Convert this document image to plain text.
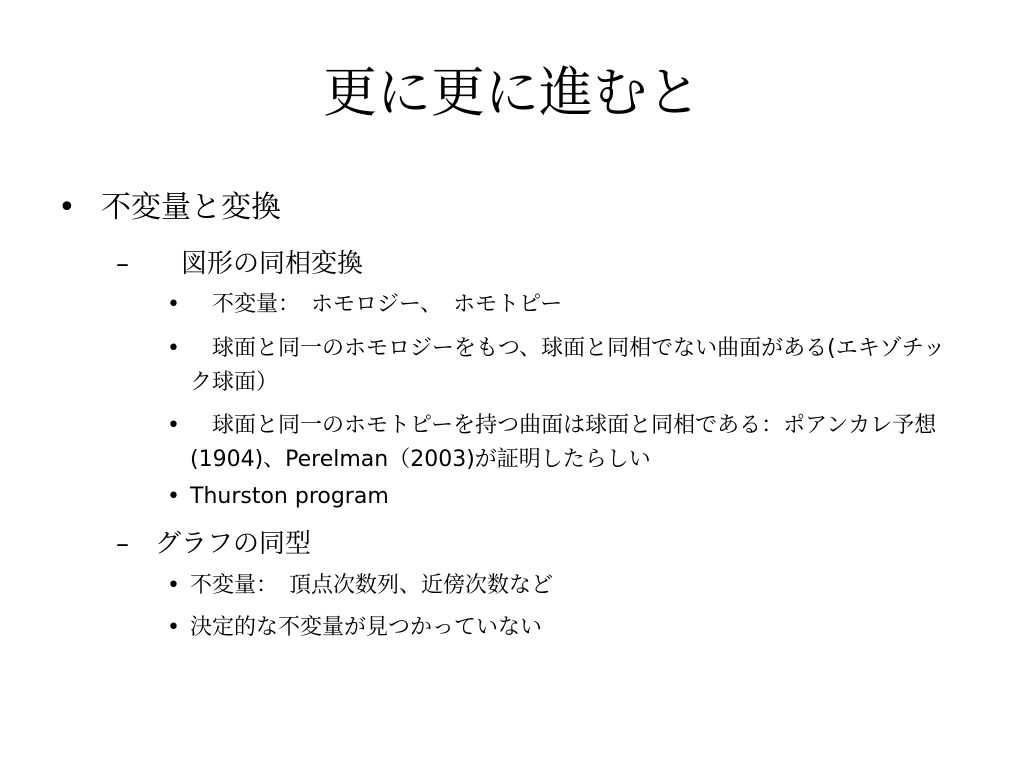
更に更に進むと
• 不変量と変換
– 　図形の同相変換
• 　不変量：　ホモロジー、　ホモトピー
• 　球面と同一のホモロジーをもつ、球面と同相でない曲面がある(エキゾチック球面）
• 　球面と同一のホモトピーを持つ曲面は球面と同相である：ポアンカレ予想(1904)、Perelman（2003)が証明したらしい
• Thurston program
– グラフの同型
• 不変量：　頂点次数列、近傍次数など
• 決定的な不変量が見つかっていない
